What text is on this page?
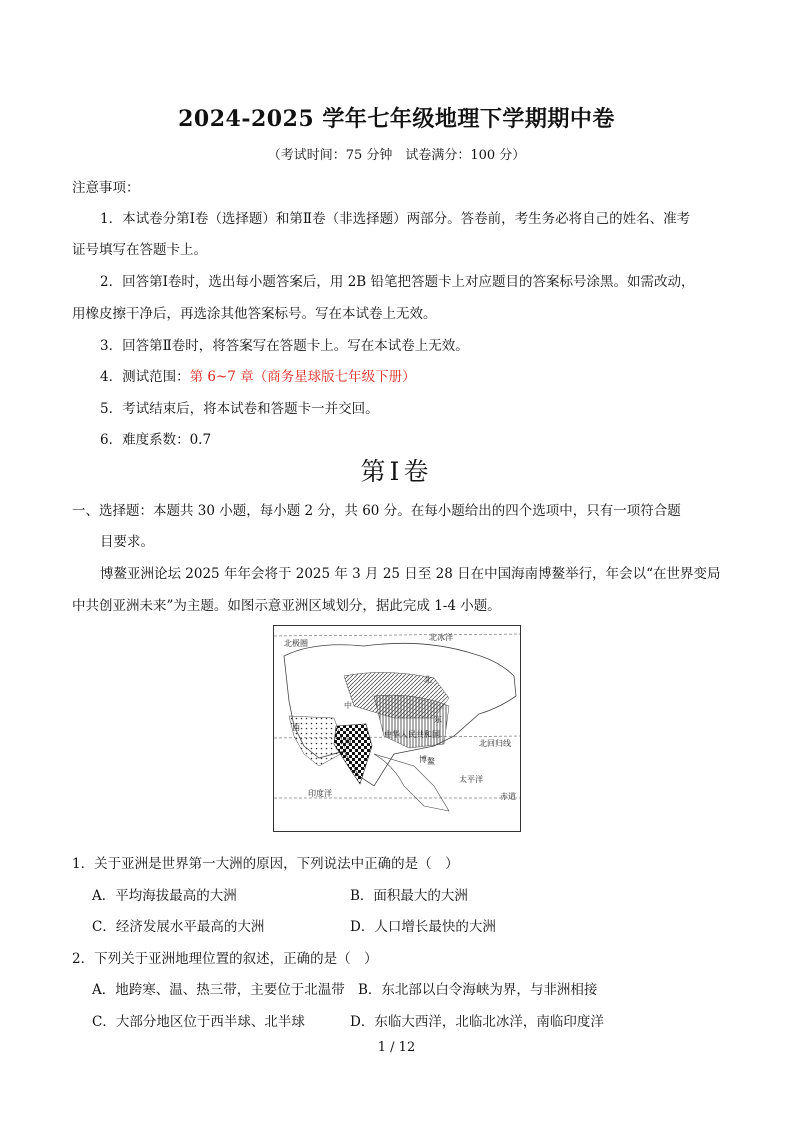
2024-2025 学年七年级地理下学期期中卷
（考试时间：75 分钟　试卷满分：100 分）
注意事项：
1．本试卷分第Ⅰ卷（选择题）和第Ⅱ卷（非选择题）两部分。答卷前，考生务必将自己的姓名、准考
证号填写在答题卡上。
2．回答第Ⅰ卷时，选出每小题答案后，用 2B 铅笔把答题卡上对应题目的答案标号涂黑。如需改动，
用橡皮擦干净后，再选涂其他答案标号。写在本试卷上无效。
3．回答第Ⅱ卷时，将答案写在答题卡上。写在本试卷上无效。
4．测试范围：第 6~7 章（商务星球版七年级下册）
5．考试结束后，将本试卷和答题卡一并交回。
6．难度系数：0.7
第Ⅰ卷
一、选择题：本题共 30 小题，每小题 2 分，共 60 分。在每小题给出的四个选项中，只有一项符合题
目要求。
博鳌亚洲论坛 2025 年年会将于 2025 年 3 月 25 日至 28 日在中国海南博鳌举行，年会以“在世界变局
中共创亚洲未来”为主题。如图示意亚洲区域划分，据此完成 1-4 小题。
北极圈
北冰洋
北
中
东
西
南
中华人民共和国
北回归线
博 鳌
太平洋
印度洋	赤道
1．关于亚洲是世界第一大洲的原因，下列说法中正确的是（　）
A．平均海拔最高的大洲	B．面积最大的大洲
C．经济发展水平最高的大洲	D．人口增长最快的大洲
2．下列关于亚洲地理位置的叙述，正确的是（　）
A．地跨寒、温、热三带，主要位于北温带 B．东北部以白令海峡为界，与非洲相接
C．大部分地区位于西半球、北半球	D．东临大西洋，北临北冰洋，南临印度洋
1 / 12
